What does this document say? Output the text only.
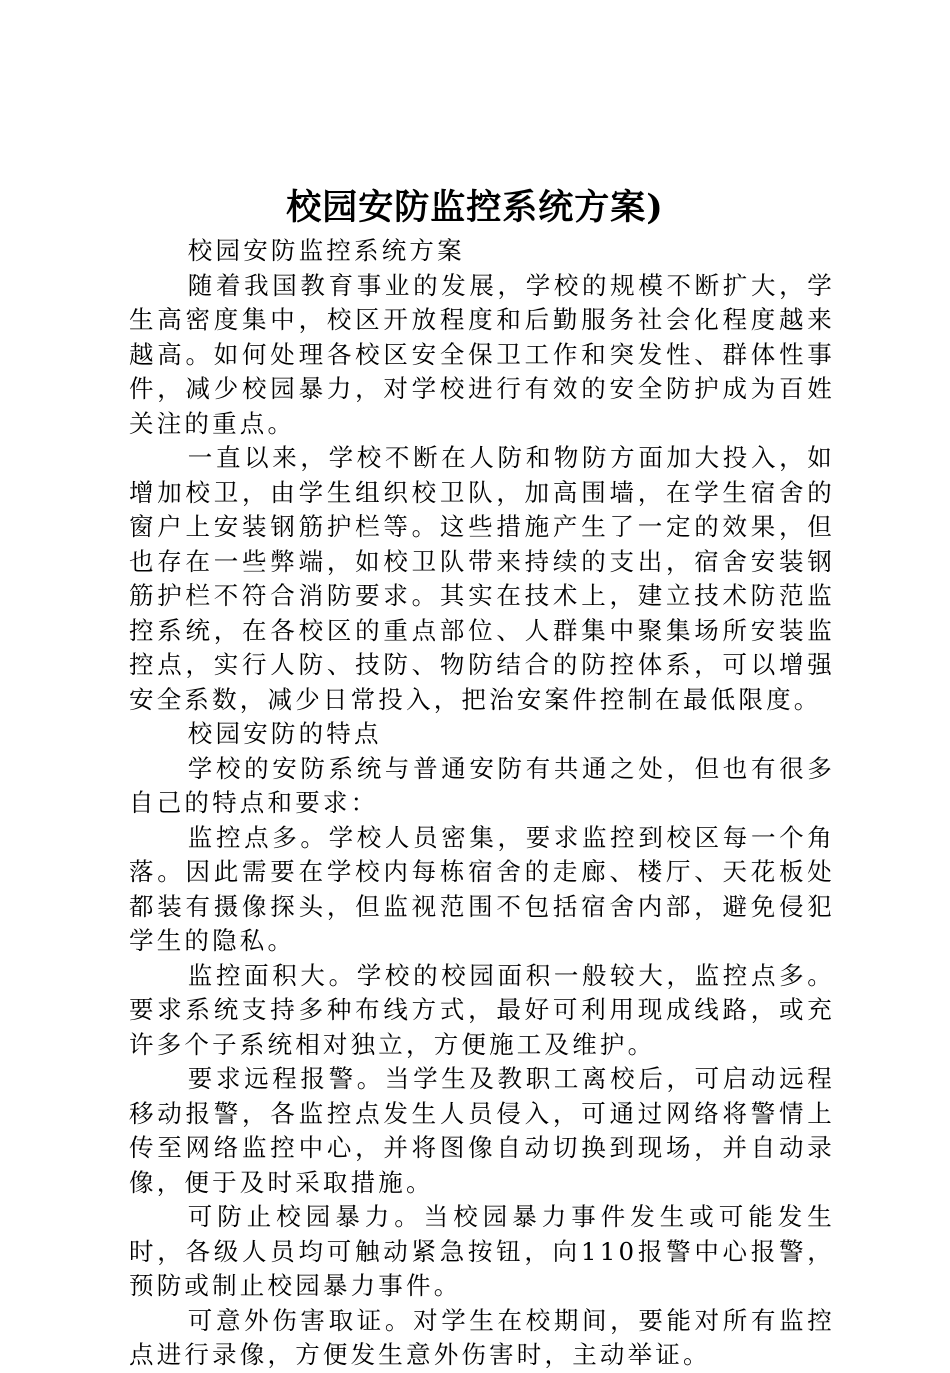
校园安防监控系统方案)

校园安防监控系统方案

随着我国教育事业的发展，学校的规模不断扩大，学生高密度集中，校区开放程度和后勤服务社会化程度越来越高。如何处理各校区安全保卫工作和突发性、群体性事件，减少校园暴力，对学校进行有效的安全防护成为百姓关注的重点。

一直以来，学校不断在人防和物防方面加大投入，如增加校卫，由学生组织校卫队，加高围墙，在学生宿舍的窗户上安装钢筋护栏等。这些措施产生了一定的效果，但也存在一些弊端，如校卫队带来持续的支出，宿舍安装钢筋护栏不符合消防要求。其实在技术上，建立技术防范监控系统，在各校区的重点部位、人群集中聚集场所安装监控点，实行人防、技防、物防结合的防控体系，可以增强安全系数，减少日常投入，把治安案件控制在最低限度。

校园安防的特点

学校的安防系统与普通安防有共通之处，但也有很多自己的特点和要求：

监控点多。学校人员密集，要求监控到校区每一个角落。因此需要在学校内每栋宿舍的走廊、楼厅、天花板处都装有摄像探头，但监视范围不包括宿舍内部，避免侵犯学生的隐私。

监控面积大。学校的校园面积一般较大，监控点多。要求系统支持多种布线方式，最好可利用现成线路，或充许多个子系统相对独立，方便施工及维护。

要求远程报警。当学生及教职工离校后，可启动远程移动报警，各监控点发生人员侵入，可通过网络将警情上传至网络监控中心，并将图像自动切换到现场，并自动录像，便于及时采取措施。

可防止校园暴力。当校园暴力事件发生或可能发生时，各级人员均可触动紧急按钮，向110报警中心报警，预防或制止校园暴力事件。

可意外伤害取证。对学生在校期间，要能对所有监控点进行录像，方便发生意外伤害时，主动举证。
